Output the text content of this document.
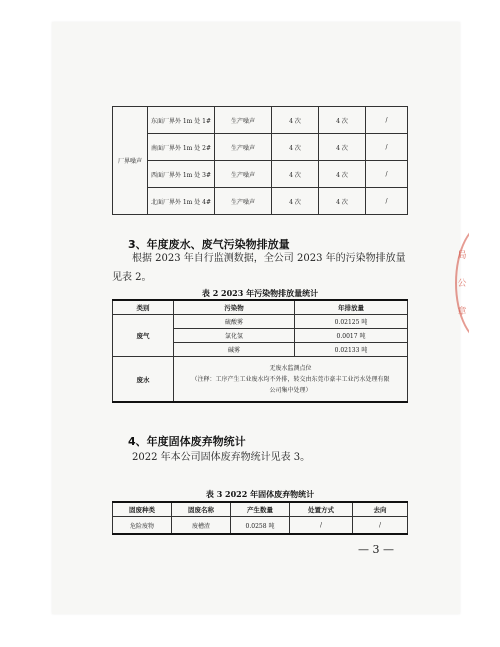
局
公
章
厂界噪声	东面厂界外 1m 处 1#	生产噪声	4 次	4 次	/
	南面厂界外 1m 处 2#	生产噪声	4 次	4 次	/
	西面厂界外 1m 处 3#	生产噪声	4 次	4 次	/
	北面厂界外 1m 处 4#	生产噪声	4 次	4 次	/
3、年度废水、废气污染物排放量
根据 2023 年自行监测数据，全公司 2023 年的污染物排放量见表 2。
表 2 2023 年污染物排放量统计
类别	污染物	年排放量
废气	硫酸雾	0.02125 吨
	氯化氢	0.0017 吨
	碱雾	0.02133 吨
废水	无废水监测点位
（注释：工序产生工业废水均不外排，转交由东莞市豪丰工业污水处理有限
公司集中处理）	
4、年度固体废弃物统计
2022 年本公司固体废弃物统计见表 3。
表 3 2022 年固体废弃物统计
固废种类	固废名称	产生数量	处置方式	去向
危险废物	废槽渣	0.0258 吨	/	/
— 3 —
